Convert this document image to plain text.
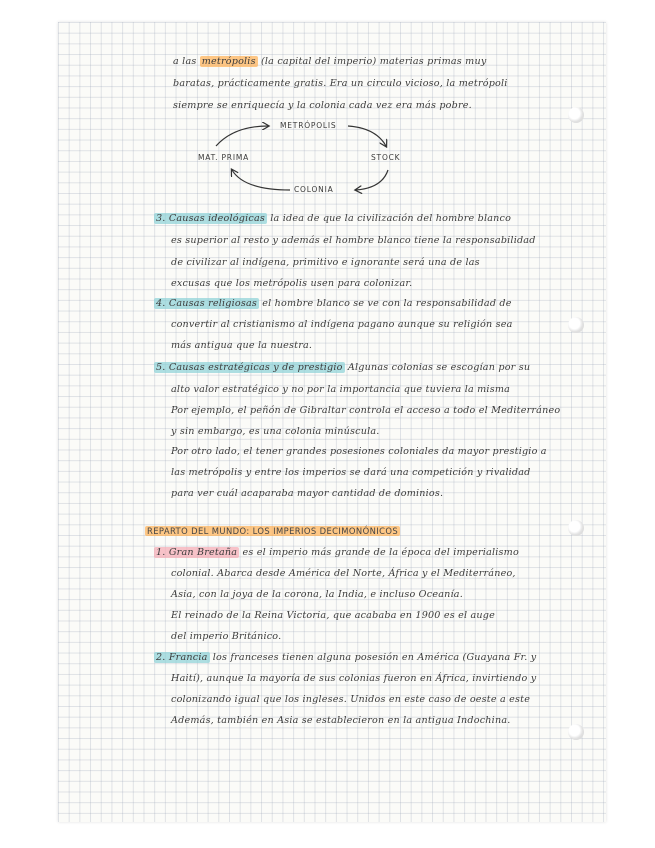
a las metrópolis (la capital del imperio) materias primas muy
baratas, prácticamente gratis. Era un circulo vicioso, la metrópoli
siempre se enriquecía y la colonia cada vez era más pobre.
METRÓPOLIS
MAT. PRIMA	STOCK
COLONIA
3. Causas ideológicas la idea de que la civilización del hombre blanco
es superior al resto y además el hombre blanco tiene la responsabilidad
de civilizar al indígena, primitivo e ignorante será una de las
excusas que los metrópolis usen para colonizar.
4. Causas religiosas el hombre blanco se ve con la responsabilidad de
convertir al cristianismo al indígena pagano aunque su religión sea
más antigua que la nuestra.
5. Causas estratégicas y de prestigio Algunas colonias se escogían por su
alto valor estratégico y no por la importancia que tuviera la misma
Por ejemplo, el peñón de Gibraltar controla el acceso a todo el Mediterráneo
y sin embargo, es una colonia minúscula.
Por otro lado, el tener grandes posesiones coloniales da mayor prestigio a
las metrópolis y entre los imperios se dará una competición y rivalidad
para ver cuál acaparaba mayor cantidad de dominios.
REPARTO DEL MUNDO: LOS IMPERIOS DECIMONÓNICOS
1. Gran Bretaña es el imperio más grande de la época del imperialismo
colonial. Abarca desde América del Norte, África y el Mediterráneo,
Asia, con la joya de la corona, la India, e incluso Oceanía.
El reinado de la Reina Victoria, que acababa en 1900 es el auge
del imperio Británico.
2. Francia los franceses tienen alguna posesión en América (Guayana Fr. y
Haití), aunque la mayoría de sus colonias fueron en África, invirtiendo y
colonizando igual que los ingleses. Unidos en este caso de oeste a este
Además, también en Asia se establecieron en la antigua Indochina.
